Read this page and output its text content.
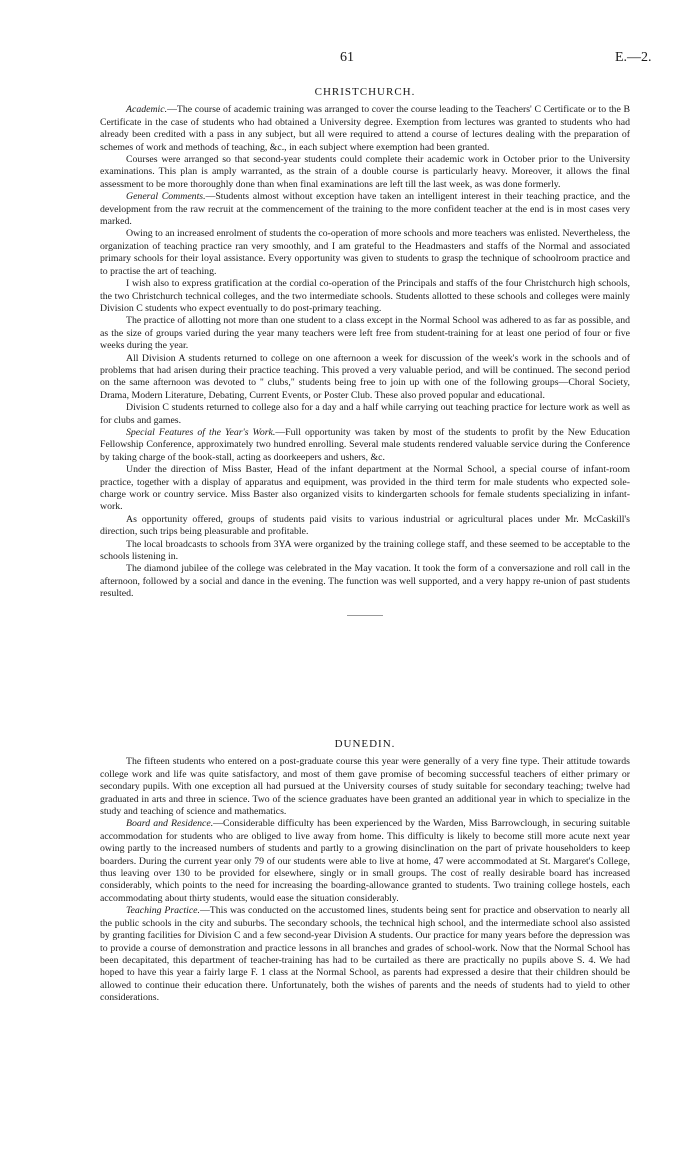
61	E.—2.
CHRISTCHURCH.

Academic.—The course of academic training was arranged to cover the course leading to the Teachers' C Certificate or to the B Certificate in the case of students who had obtained a University degree. Exemption from lectures was granted to students who had already been credited with a pass in any subject, but all were required to attend a course of lectures dealing with the preparation of schemes of work and methods of teaching, &c., in each subject where exemption had been granted.

Courses were arranged so that second-year students could complete their academic work in October prior to the University examinations. This plan is amply warranted, as the strain of a double course is particularly heavy. Moreover, it allows the final assessment to be more thoroughly done than when final examinations are left till the last week, as was done formerly.

General Comments.—Students almost without exception have taken an intelligent interest in their teaching practice, and the development from the raw recruit at the commencement of the training to the more confident teacher at the end is in most cases very marked.

Owing to an increased enrolment of students the co-operation of more schools and more teachers was enlisted. Nevertheless, the organization of teaching practice ran very smoothly, and I am grateful to the Headmasters and staffs of the Normal and associated primary schools for their loyal assistance. Every opportunity was given to students to grasp the technique of schoolroom practice and to practise the art of teaching.

I wish also to express gratification at the cordial co-operation of the Principals and staffs of the four Christchurch high schools, the two Christchurch technical colleges, and the two intermediate schools. Students allotted to these schools and colleges were mainly Division C students who expect eventually to do post-primary teaching.

The practice of allotting not more than one student to a class except in the Normal School was adhered to as far as possible, and as the size of groups varied during the year many teachers were left free from student-training for at least one period of four or five weeks during the year.

All Division A students returned to college on one afternoon a week for discussion of the week's work in the schools and of problems that had arisen during their practice teaching. This proved a very valuable period, and will be continued. The second period on the same afternoon was devoted to " clubs," students being free to join up with one of the following groups—Choral Society, Drama, Modern Literature, Debating, Current Events, or Poster Club. These also proved popular and educational.

Division C students returned to college also for a day and a half while carrying out teaching practice for lecture work as well as for clubs and games.

Special Features of the Year's Work.—Full opportunity was taken by most of the students to profit by the New Education Fellowship Conference, approximately two hundred enrolling. Several male students rendered valuable service during the Conference by taking charge of the book-stall, acting as doorkeepers and ushers, &c.

Under the direction of Miss Baster, Head of the infant department at the Normal School, a special course of infant-room practice, together with a display of apparatus and equipment, was provided in the third term for male students who expected sole-charge work or country service. Miss Baster also organized visits to kindergarten schools for female students specializing in infant-work.

As opportunity offered, groups of students paid visits to various industrial or agricultural places under Mr. McCaskill's direction, such trips being pleasurable and profitable.

The local broadcasts to schools from 3YA were organized by the training college staff, and these seemed to be acceptable to the schools listening in.

The diamond jubilee of the college was celebrated in the May vacation. It took the form of a conversazione and roll call in the afternoon, followed by a social and dance in the evening. The function was well supported, and a very happy re-union of past students resulted.

DUNEDIN.

The fifteen students who entered on a post-graduate course this year were generally of a very fine type. Their attitude towards college work and life was quite satisfactory, and most of them gave promise of becoming successful teachers of either primary or secondary pupils. With one exception all had pursued at the University courses of study suitable for secondary teaching; twelve had graduated in arts and three in science. Two of the science graduates have been granted an additional year in which to specialize in the study and teaching of science and mathematics.

Board and Residence.—Considerable difficulty has been experienced by the Warden, Miss Barrowclough, in securing suitable accommodation for students who are obliged to live away from home. This difficulty is likely to become still more acute next year owing partly to the increased numbers of students and partly to a growing disinclination on the part of private householders to keep boarders. During the current year only 79 of our students were able to live at home, 47 were accommodated at St. Margaret's College, thus leaving over 130 to be provided for elsewhere, singly or in small groups. The cost of really desirable board has increased considerably, which points to the need for increasing the boarding-allowance granted to students. Two training college hostels, each accommodating about thirty students, would ease the situation considerably.

Teaching Practice.—This was conducted on the accustomed lines, students being sent for practice and observation to nearly all the public schools in the city and suburbs. The secondary schools, the technical high school, and the intermediate school also assisted by granting facilities for Division C and a few second-year Division A students. Our practice for many years before the depression was to provide a course of demonstration and practice lessons in all branches and grades of school-work. Now that the Normal School has been decapitated, this department of teacher-training has had to be curtailed as there are practically no pupils above S. 4. We had hoped to have this year a fairly large F. 1 class at the Normal School, as parents had expressed a desire that their children should be allowed to continue their education there. Unfortunately, both the wishes of parents and the needs of students had to yield to other considerations.
